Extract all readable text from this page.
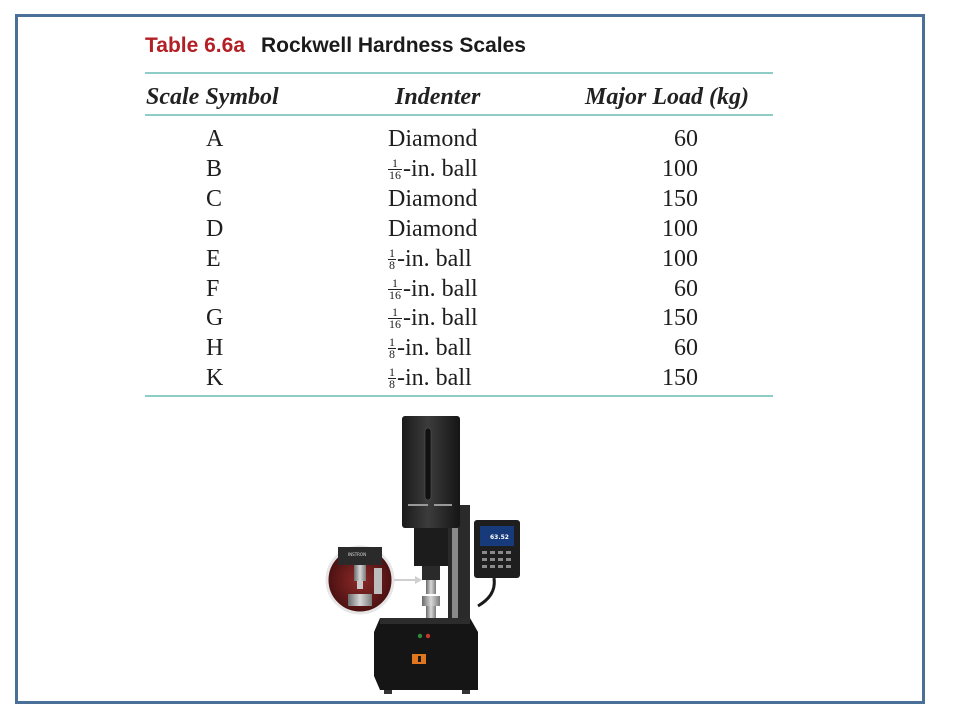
Table 6.6a Rockwell Hardness Scales
Scale Symbol	Indenter	Major Load (kg)
A	Diamond	60
B	$\frac{1}{16} -in$. ball	100
C	Diamond	150
D	Diamond	100
E	$\frac{1}{8} -in$. ball	100
F	$\frac{1}{16} -in$. ball	60
G	$\frac{1}{16} -in$. ball	150
H	$\frac{1}{8} -in$. ball	60
K	$\frac{1}{8} -in$. ball	150
63.52
INSTRON
